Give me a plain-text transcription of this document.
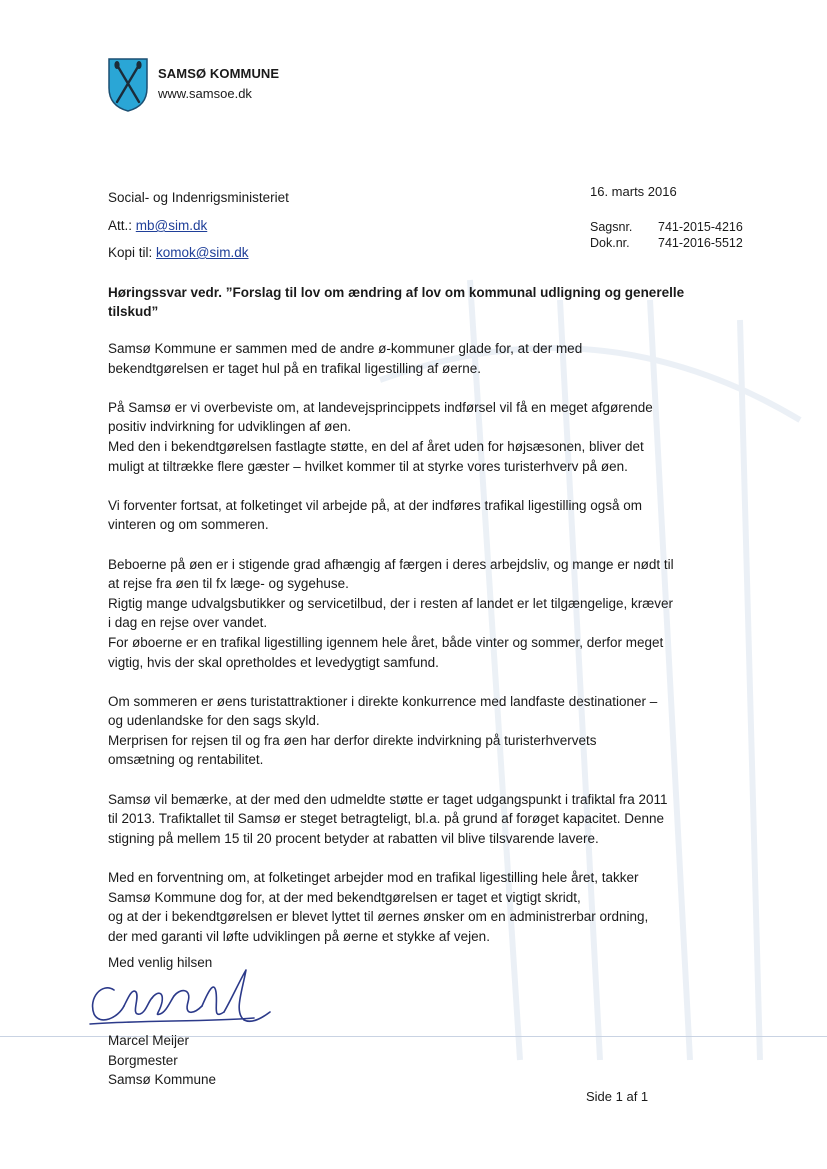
SAMSØ KOMMUNE
www.samsoe.dk
Social- og Indenrigsministeriet
Att.: mb@sim.dk
Kopi til: komok@sim.dk
16. marts 2016
Sagsnr. 741-2015-4216
Dok.nr. 741-2016-5512
Høringssvar vedr. ”Forslag til lov om ændring af lov om kommunal udligning og generelle
tilskud”

Samsø Kommune er sammen med de andre ø-kommuner glade for, at der med
bekendtgørelsen er taget hul på en trafikal ligestilling af øerne.

På Samsø er vi overbeviste om, at landevejsprincippets indførsel vil få en meget afgørende
positiv indvirkning for udviklingen af øen.
Med den i bekendtgørelsen fastlagte støtte, en del af året uden for højsæsonen, bliver det
muligt at tiltrække flere gæster – hvilket kommer til at styrke vores turisterhverv på øen.

Vi forventer fortsat, at folketinget vil arbejde på, at der indføres trafikal ligestilling også om
vinteren og om sommeren.

Beboerne på øen er i stigende grad afhængig af færgen i deres arbejdsliv, og mange er nødt til
at rejse fra øen til fx læge- og sygehuse.
Rigtig mange udvalgsbutikker og servicetilbud, der i resten af landet er let tilgængelige, kræver
i dag en rejse over vandet.
For øboerne er en trafikal ligestilling igennem hele året, både vinter og sommer, derfor meget
vigtig, hvis der skal opretholdes et levedygtigt samfund.

Om sommeren er øens turistattraktioner i direkte konkurrence med landfaste destinationer –
og udenlandske for den sags skyld.
Merprisen for rejsen til og fra øen har derfor direkte indvirkning på turisterhvervets
omsætning og rentabilitet.

Samsø vil bemærke, at der med den udmeldte støtte er taget udgangspunkt i trafiktal fra 2011
til 2013. Trafiktallet til Samsø er steget betragteligt, bl.a. på grund af forøget kapacitet. Denne
stigning på mellem 15 til 20 procent betyder at rabatten vil blive tilsvarende lavere.

Med en forventning om, at folketinget arbejder mod en trafikal ligestilling hele året, takker
Samsø Kommune dog for, at der med bekendtgørelsen er taget et vigtigt skridt,
og at der i bekendtgørelsen er blevet lyttet til øernes ønsker om en administrerbar ordning,
der med garanti vil løfte udviklingen på øerne et stykke af vejen.

Med venlig hilsen
Marcel Meijer
Borgmester
Samsø Kommune
Side 1 af 1
